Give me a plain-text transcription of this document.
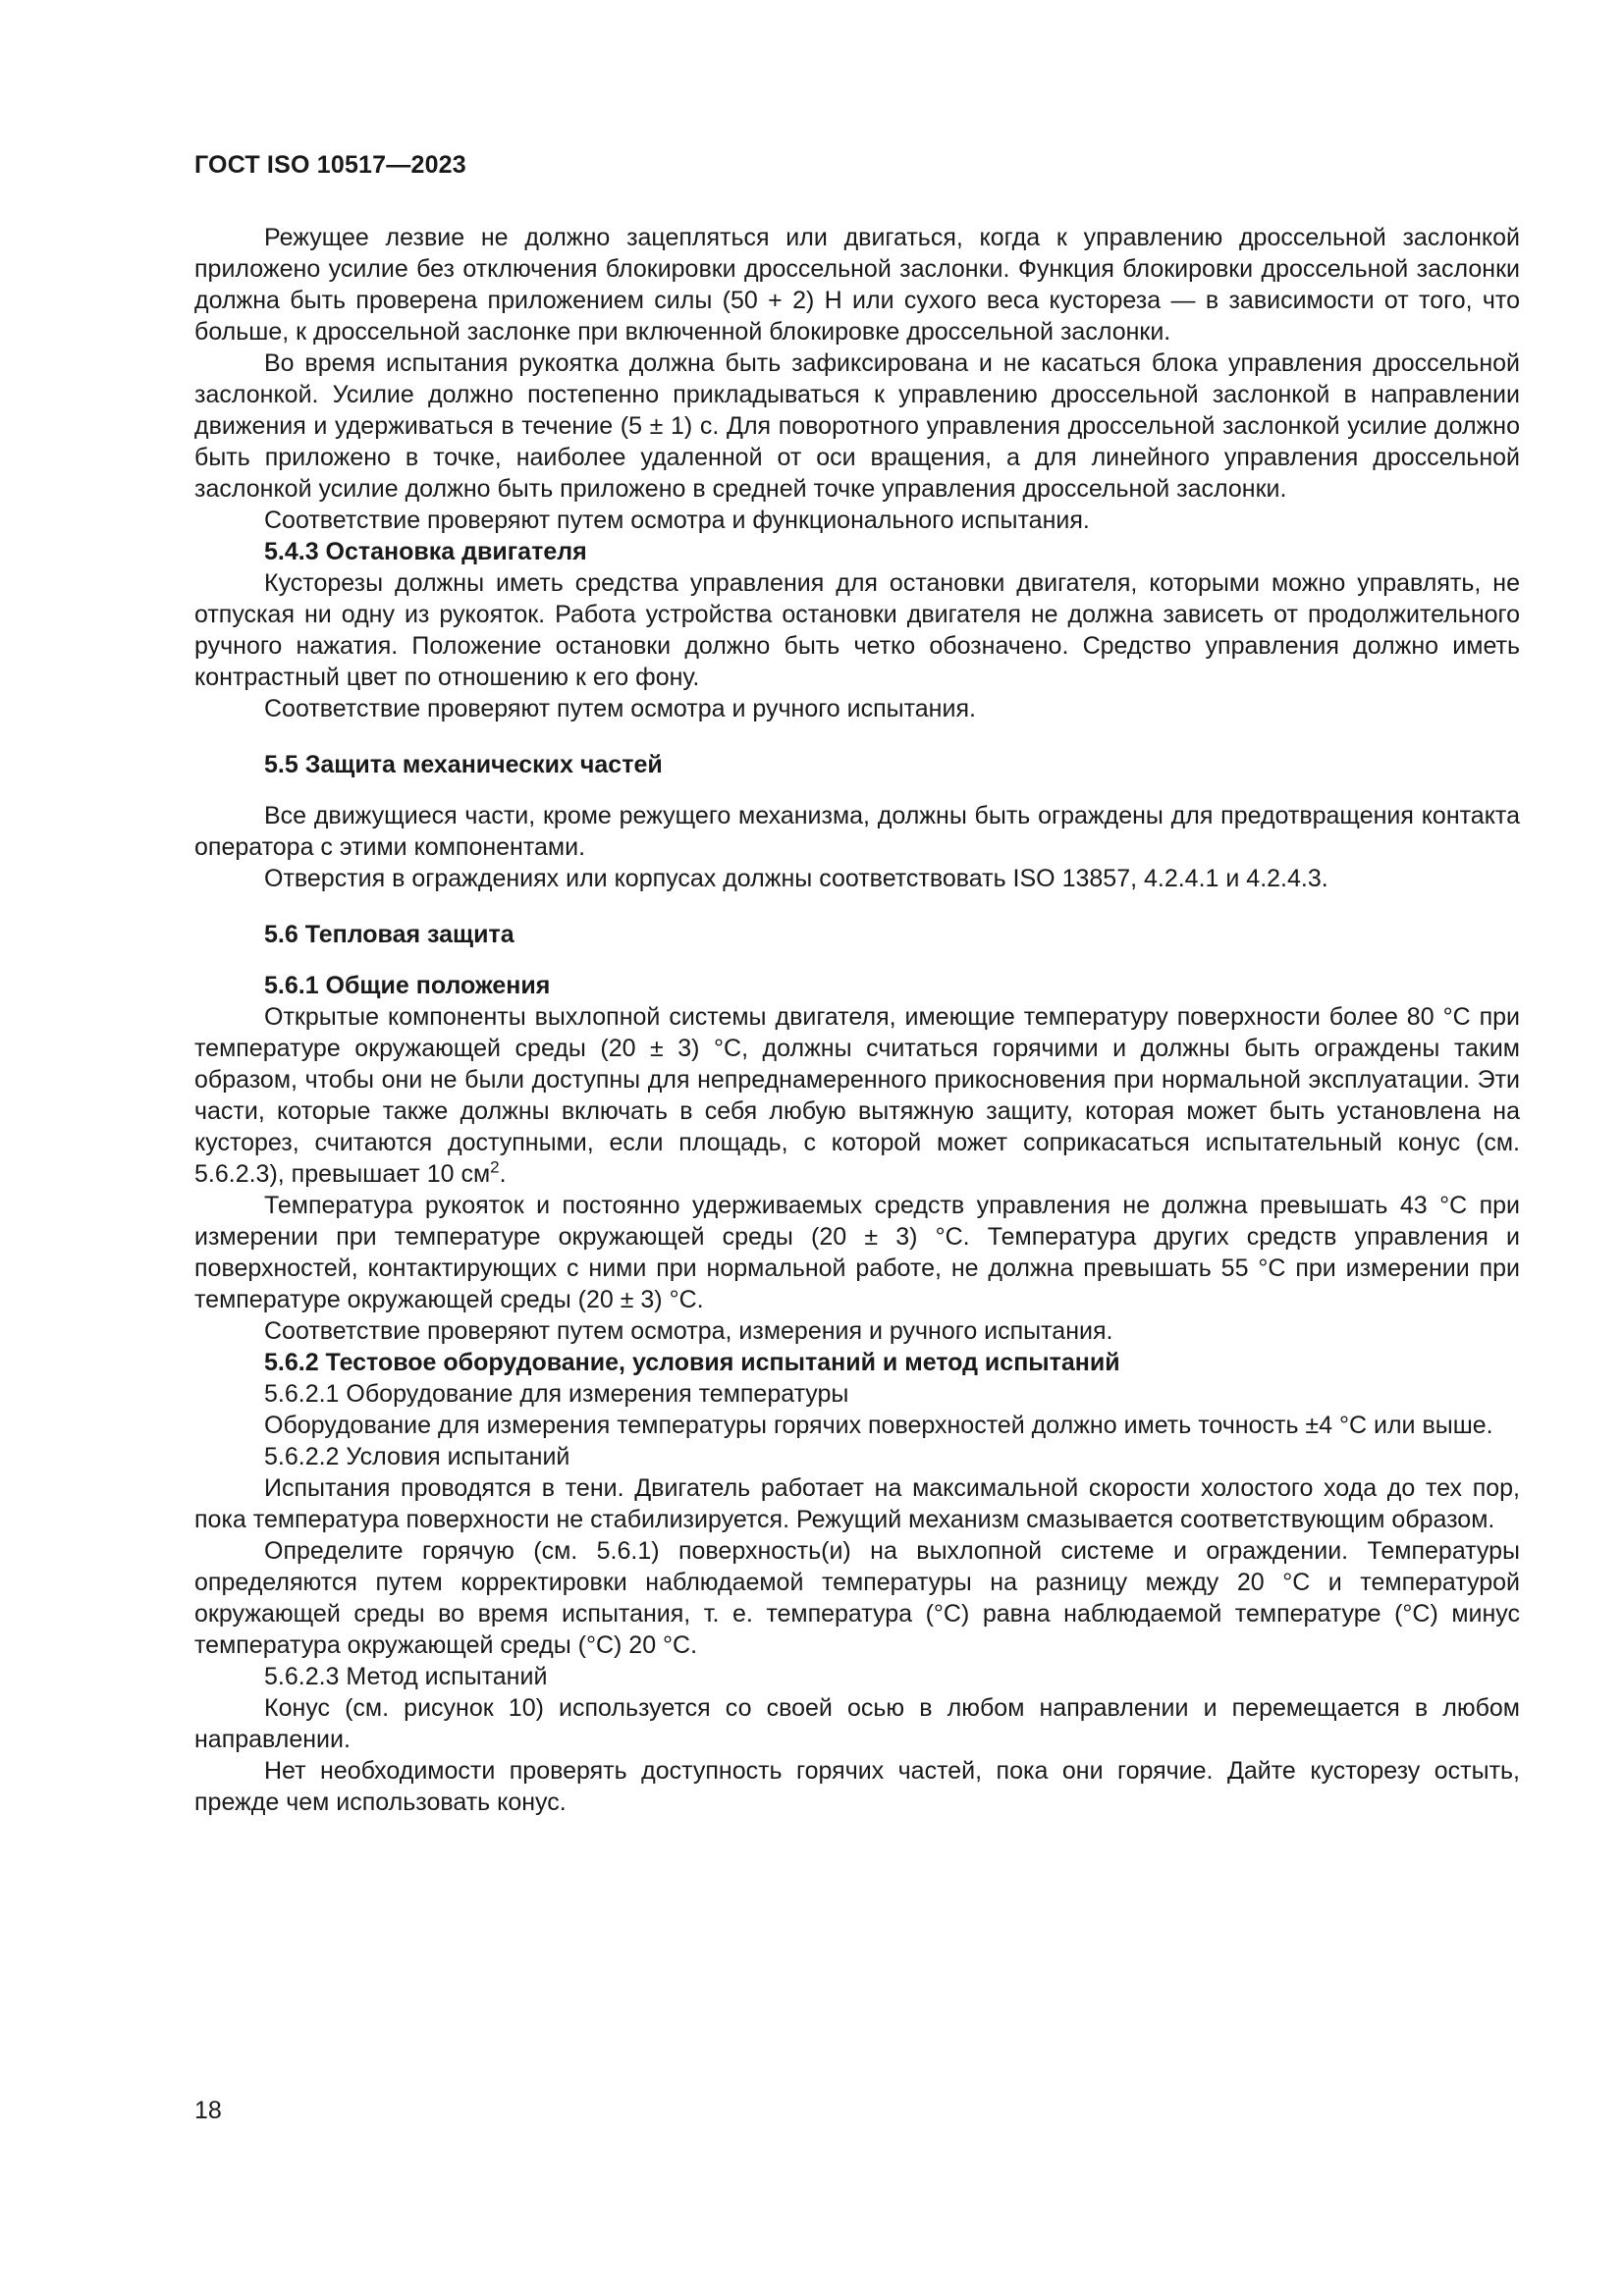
ГОСТ ISO 10517—2023

Режущее лезвие не должно зацепляться или двигаться, когда к управлению дроссельной заслонкой приложено усилие без отключения блокировки дроссельной заслонки. Функция блокировки дроссельной заслонки должна быть проверена приложением силы (50 + 2) Н или сухого веса кустореза — в зависимости от того, что больше, к дроссельной заслонке при включенной блокировке дроссельной заслонки.

Во время испытания рукоятка должна быть зафиксирована и не касаться блока управления дроссельной заслонкой. Усилие должно постепенно прикладываться к управлению дроссельной заслонкой в направлении движения и удерживаться в течение (5 ± 1) с. Для поворотного управления дроссельной заслонкой усилие должно быть приложено в точке, наиболее удаленной от оси вращения, а для линейного управления дроссельной заслонкой усилие должно быть приложено в средней точке управления дроссельной заслонки.

Соответствие проверяют путем осмотра и функционального испытания.

5.4.3 Остановка двигателя

Кусторезы должны иметь средства управления для остановки двигателя, которыми можно управлять, не отпуская ни одну из рукояток. Работа устройства остановки двигателя не должна зависеть от продолжительного ручного нажатия. Положение остановки должно быть четко обозначено. Средство управления должно иметь контрастный цвет по отношению к его фону.

Соответствие проверяют путем осмотра и ручного испытания.

5.5 Защита механических частей

Все движущиеся части, кроме режущего механизма, должны быть ограждены для предотвращения контакта оператора с этими компонентами.

Отверстия в ограждениях или корпусах должны соответствовать ISO 13857, 4.2.4.1 и 4.2.4.3.

5.6 Тепловая защита

5.6.1 Общие положения

Открытые компоненты выхлопной системы двигателя, имеющие температуру поверхности более 80 °С при температуре окружающей среды (20 ± 3) °С, должны считаться горячими и должны быть ограждены таким образом, чтобы они не были доступны для непреднамеренного прикосновения при нормальной эксплуатации. Эти части, которые также должны включать в себя любую вытяжную защиту, которая может быть установлена на кусторез, считаются доступными, если площадь, с которой может соприкасаться испытательный конус (см. 5.6.2.3), превышает 10 $см^2$.

Температура рукояток и постоянно удерживаемых средств управления не должна превышать 43 °С при измерении при температуре окружающей среды (20 ± 3) °С. Температура других средств управления и поверхностей, контактирующих с ними при нормальной работе, не должна превышать 55 °С при измерении при температуре окружающей среды (20 ± 3) °С.

Соответствие проверяют путем осмотра, измерения и ручного испытания.

5.6.2 Тестовое оборудование, условия испытаний и метод испытаний

5.6.2.1 Оборудование для измерения температуры

Оборудование для измерения температуры горячих поверхностей должно иметь точность ±4 °С или выше.

5.6.2.2 Условия испытаний

Испытания проводятся в тени. Двигатель работает на максимальной скорости холостого хода до тех пор, пока температура поверхности не стабилизируется. Режущий механизм смазывается соответствующим образом.

Определите горячую (см. 5.6.1) поверхность(и) на выхлопной системе и ограждении. Температуры определяются путем корректировки наблюдаемой температуры на разницу между 20 °С и температурой окружающей среды во время испытания, т. е. температура (°С) равна наблюдаемой температуре (°С) минус температура окружающей среды (°С) 20 °С.

5.6.2.3 Метод испытаний

Конус (см. рисунок 10) используется со своей осью в любом направлении и перемещается в любом направлении.

Нет необходимости проверять доступность горячих частей, пока они горячие. Дайте кусторезу остыть, прежде чем использовать конус.

18
